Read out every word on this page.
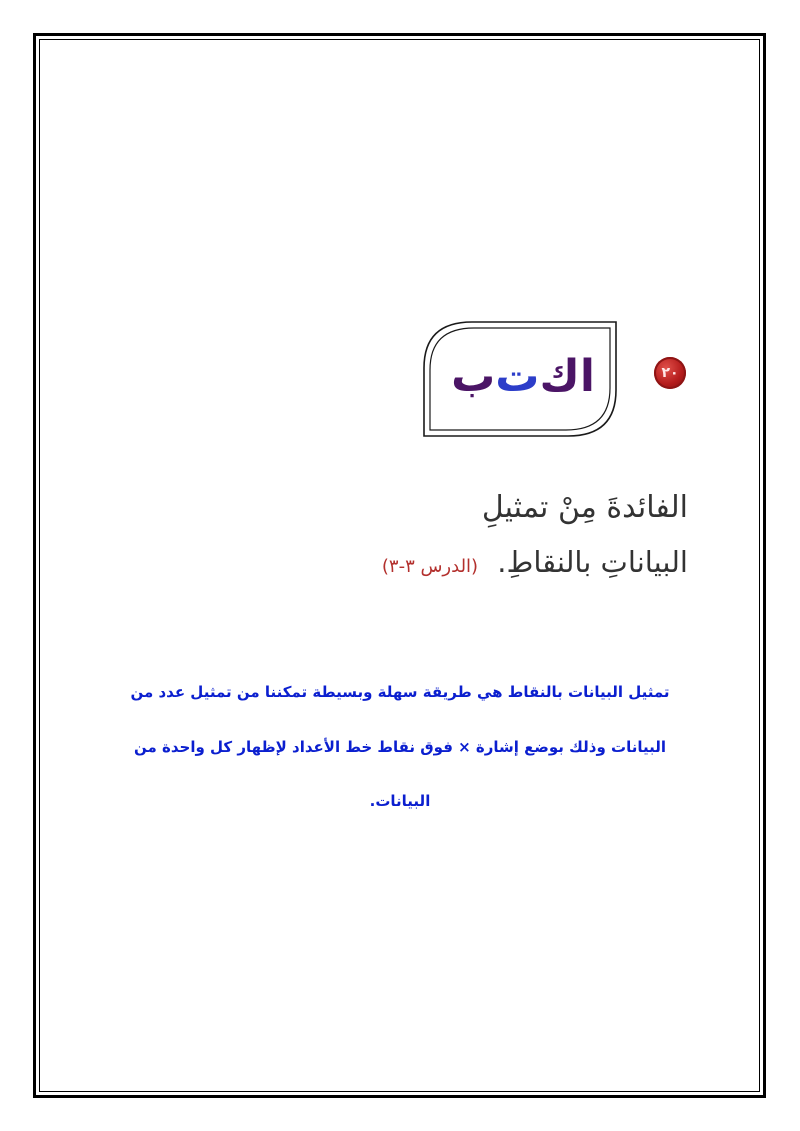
٢٠
اك
ت
ب
الفائدةَ مِنْ تمثيلِ
البياناتِ بالنقاطِ. (الدرس ٣-٣)
تمثيل البيانات بالنقاط هي طريقة سهلة وبسيطة تمكننا من تمثيل عدد من
البيانات وذلك بوضع إشارة × فوق نقاط خط الأعداد لإظهار كل واحدة من
البيانات.
